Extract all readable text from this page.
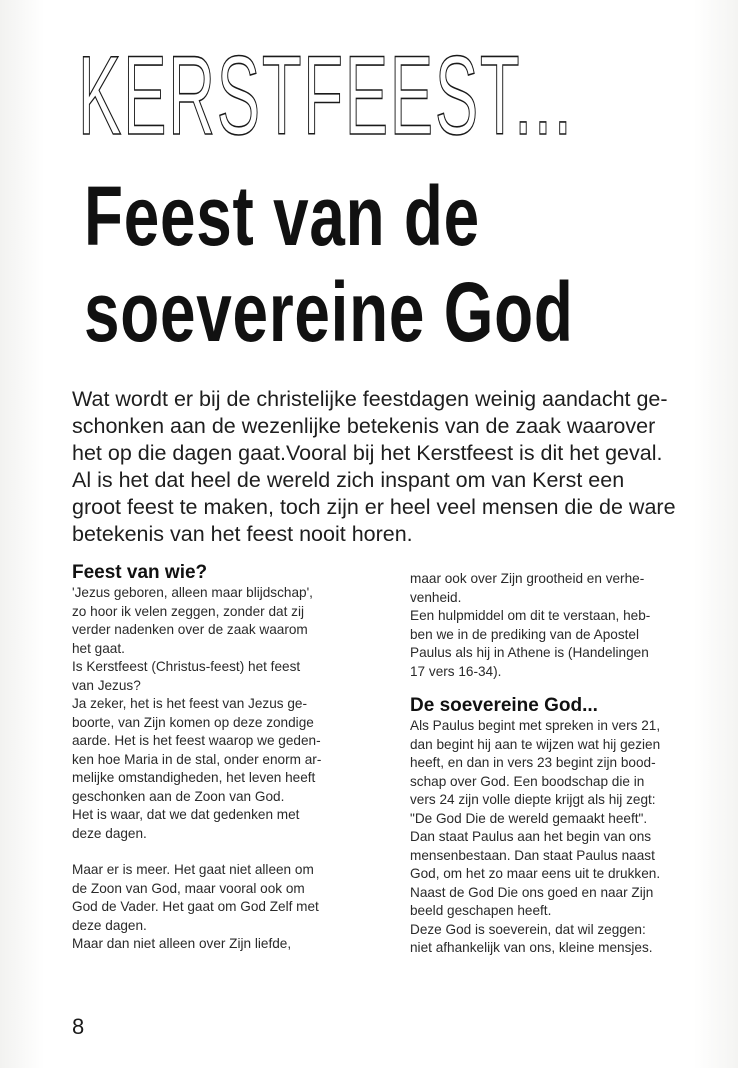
KERSTFEEST...
Feest van de
soevereine God

Wat wordt er bij de christelijke feestdagen weinig aandacht ge-
schonken aan de wezenlijke betekenis van de zaak waarover
het op die dagen gaat.Vooral bij het Kerstfeest is dit het geval.
Al is het dat heel de wereld zich inspant om van Kerst een
groot feest te maken, toch zijn er heel veel mensen die de ware
betekenis van het feest nooit horen.

Feest van wie?
'Jezus geboren, alleen maar blijdschap',
zo hoor ik velen zeggen, zonder dat zij
verder nadenken over de zaak waarom
het gaat.
Is Kerstfeest (Christus-feest) het feest
van Jezus?
Ja zeker, het is het feest van Jezus ge-
boorte, van Zijn komen op deze zondige
aarde. Het is het feest waarop we geden-
ken hoe Maria in de stal, onder enorm ar-
melijke omstandigheden, het leven heeft
geschonken aan de Zoon van God.
Het is waar, dat we dat gedenken met
deze dagen.
Maar er is meer. Het gaat niet alleen om
de Zoon van God, maar vooral ook om
God de Vader. Het gaat om God Zelf met
deze dagen.
Maar dan niet alleen over Zijn liefde,
maar ook over Zijn grootheid en verhe-
venheid.
Een hulpmiddel om dit te verstaan, heb-
ben we in de prediking van de Apostel
Paulus als hij in Athene is (Handelingen
17 vers 16-34).
De soevereine God...
Als Paulus begint met spreken in vers 21,
dan begint hij aan te wijzen wat hij gezien
heeft, en dan in vers 23 begint zijn bood-
schap over God. Een boodschap die in
vers 24 zijn volle diepte krijgt als hij zegt:
"De God Die de wereld gemaakt heeft".
Dan staat Paulus aan het begin van ons
mensenbestaan. Dan staat Paulus naast
God, om het zo maar eens uit te drukken.
Naast de God Die ons goed en naar Zijn
beeld geschapen heeft.
Deze God is soeverein, dat wil zeggen:
niet afhankelijk van ons, kleine mensjes.
8
